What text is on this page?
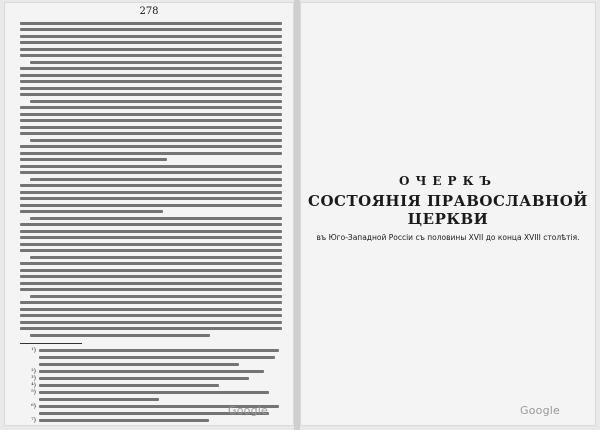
278
¹)
²)
³)
⁴)
⁵)
⁶)
⁷)
ОЧЕРКЪ
СОСТОЯНІЯ ПРАВОСЛАВНОЙ ЦЕРКВИ
въ Юго-Западной Россіи съ половины XVII до конца XVIII столѣтія.
Google	Google
